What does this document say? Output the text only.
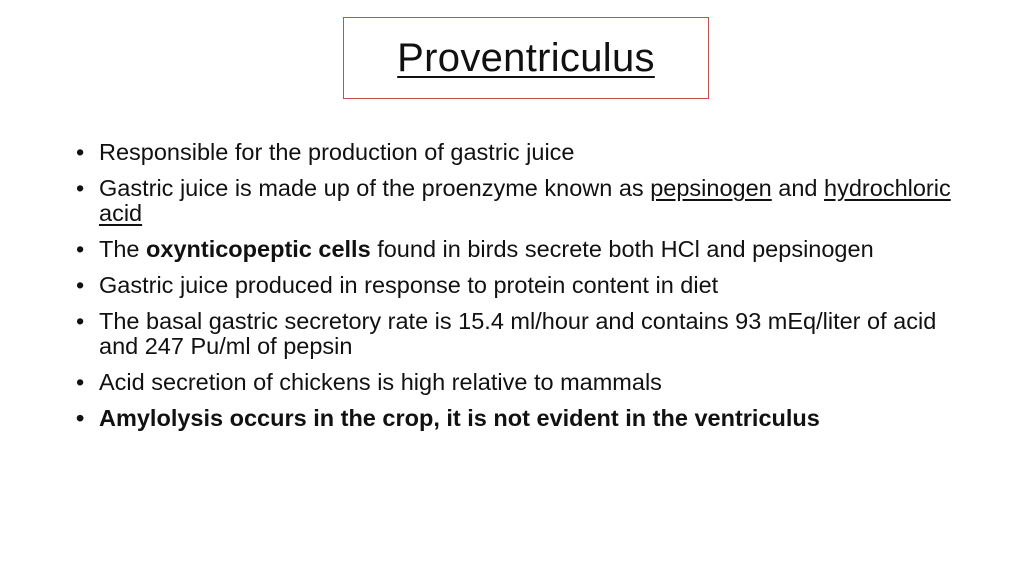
Proventriculus
• Responsible for the production of gastric juice
• Gastric juice is made up of the proenzyme known as pepsinogen and hydrochloric acid
• The oxynticopeptic cells found in birds secrete both HCl and pepsinogen
• Gastric juice produced in response to protein content in diet
• The basal gastric secretory rate is 15.4 ml/hour and contains 93 mEq/liter of acid and 247 Pu/ml of pepsin
• Acid secretion of chickens is high relative to mammals
• Amylolysis occurs in the crop, it is not evident in the ventriculus
